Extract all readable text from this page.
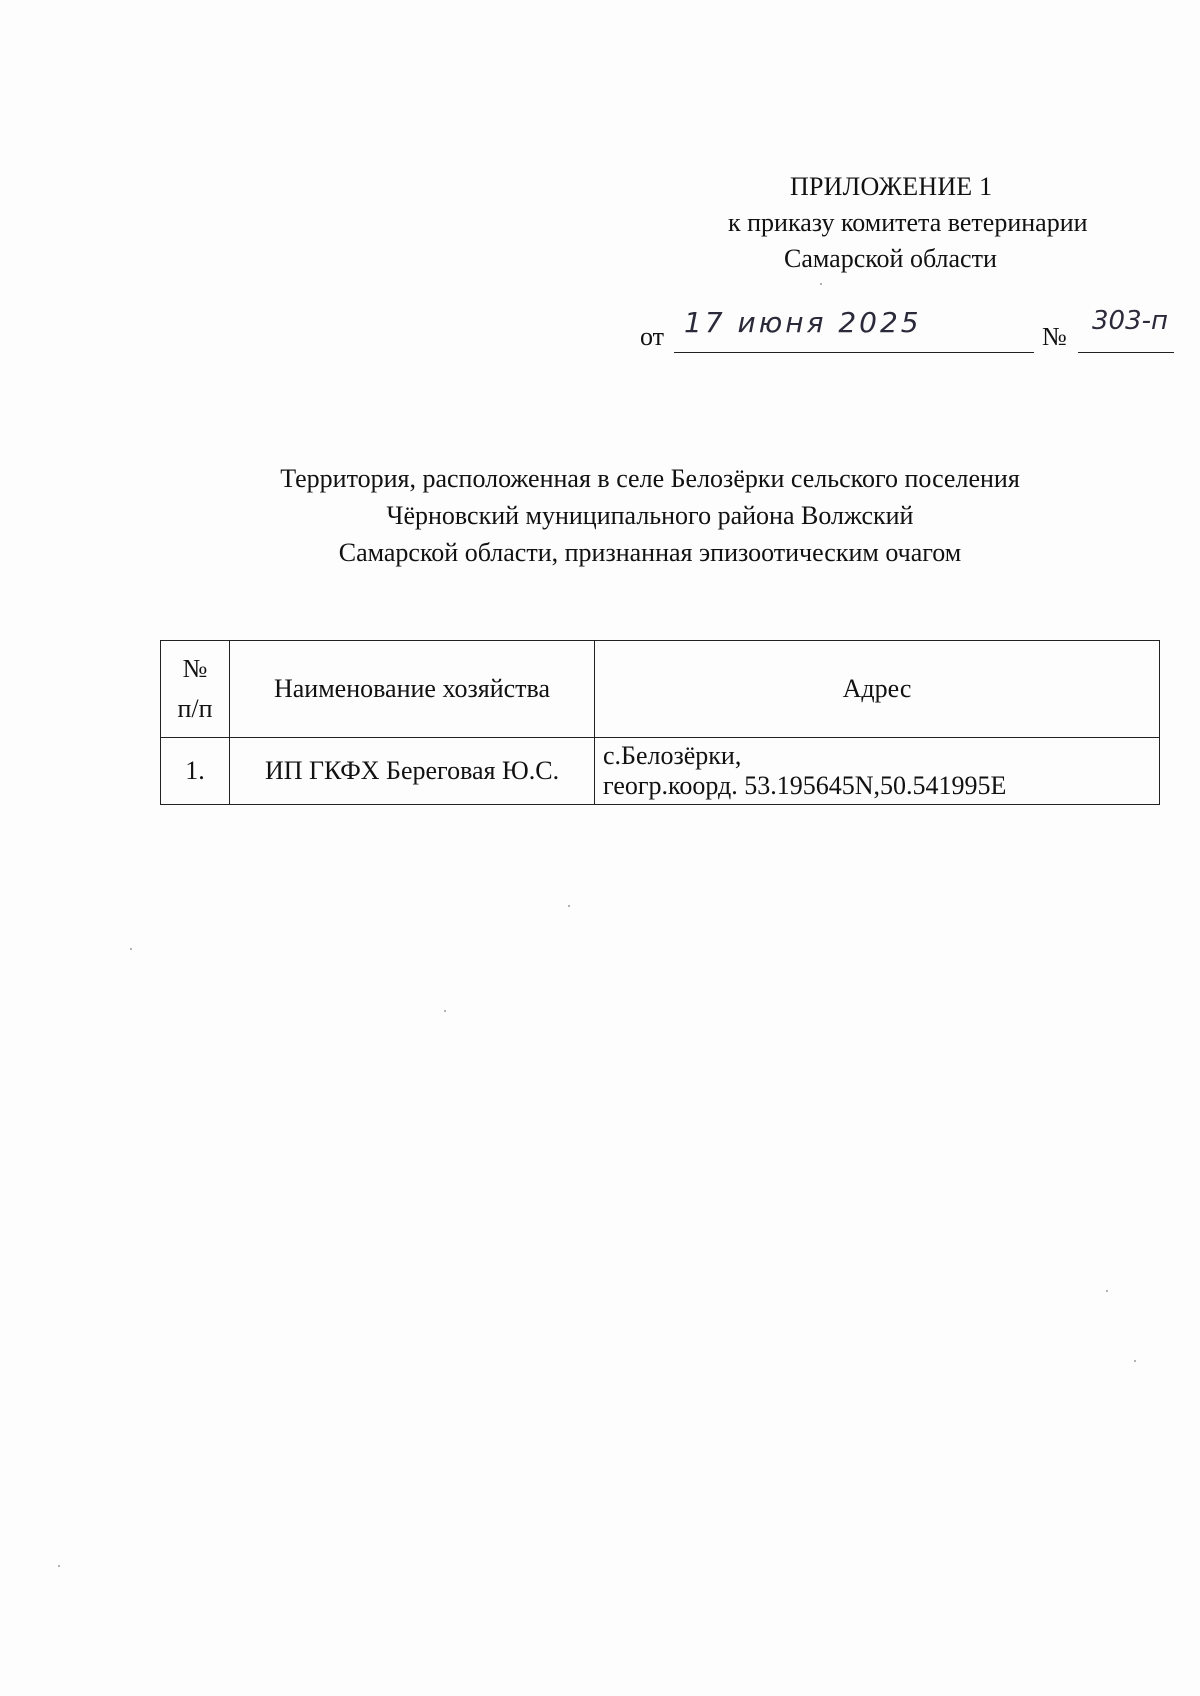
ПРИЛОЖЕНИЕ 1
к приказу комитета ветеринарии
Самарской области
от 17 июня 2025	№
303-п
Территория, расположенная в селе Белозёрки сельского поселения
Чёрновский муниципального района Волжский
Самарской области, признанная эпизоотическим очагом
№
п/п	Наименование хозяйства	Адрес
1.	ИП ГКФХ Береговая Ю.С.	с.Белозёрки,
геогр.коорд. 53.195645N,50.541995E
